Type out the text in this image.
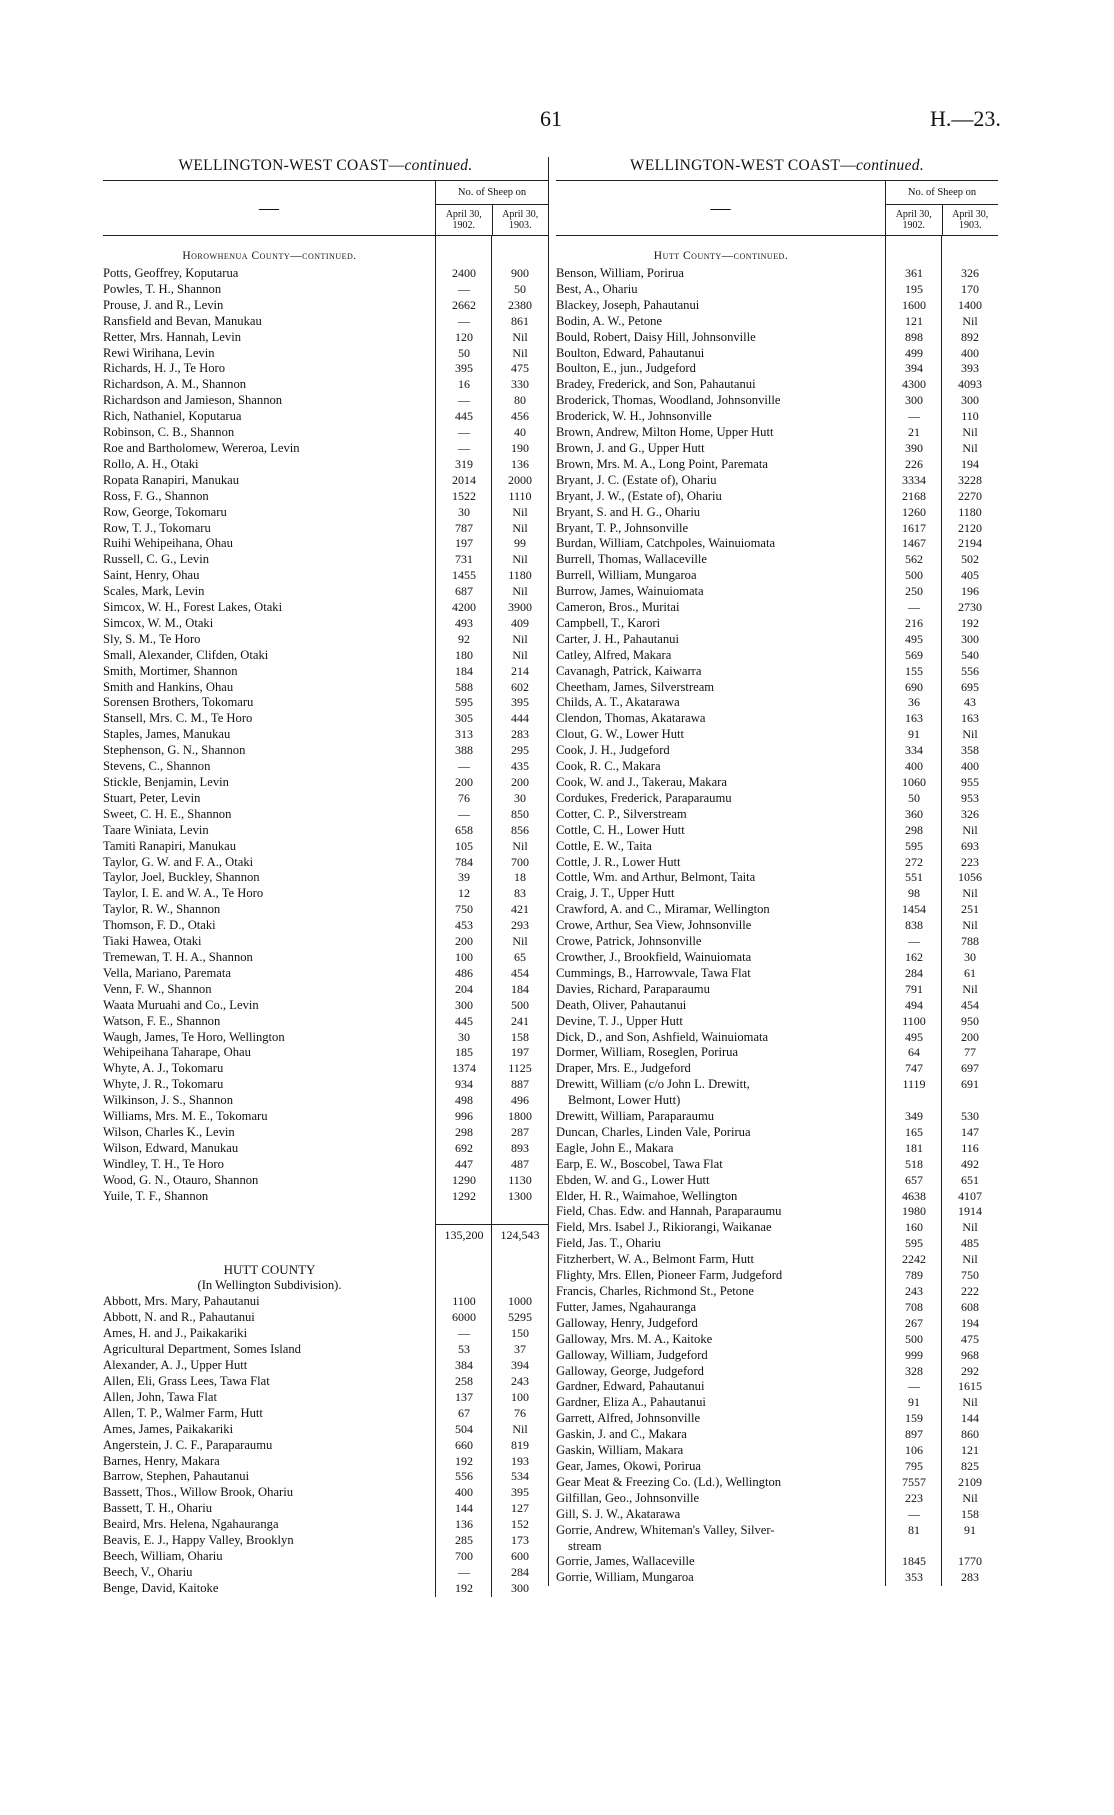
61	H.—23.
WELLINGTON-WEST COAST—continued.
—
No. of Sheep on
April 30, 1902.
April 30, 1903.
Horowhenua County—continued.
Potts, Geoffrey, Koputarua	2400	900
Powles, T. H., Shannon	—	50
Prouse, J. and R., Levin	2662	2380
Ransfield and Bevan, Manukau	—	861
Retter, Mrs. Hannah, Levin	120	Nil
Rewi Wirihana, Levin	50	Nil
Richards, H. J., Te Horo	395	475
Richardson, A. M., Shannon	16	330
Richardson and Jamieson, Shannon	—	80
Rich, Nathaniel, Koputarua	445	456
Robinson, C. B., Shannon	—	40
Roe and Bartholomew, Wereroa, Levin	—	190
Rollo, A. H., Otaki	319	136
Ropata Ranapiri, Manukau	2014	2000
Ross, F. G., Shannon	1522	1110
Row, George, Tokomaru	30	Nil
Row, T. J., Tokomaru	787	Nil
Ruihi Wehipeihana, Ohau	197	99
Russell, C. G., Levin	731	Nil
Saint, Henry, Ohau	1455	1180
Scales, Mark, Levin	687	Nil
Simcox, W. H., Forest Lakes, Otaki	4200	3900
Simcox, W. M., Otaki	493	409
Sly, S. M., Te Horo	92	Nil
Small, Alexander, Clifden, Otaki	180	Nil
Smith, Mortimer, Shannon	184	214
Smith and Hankins, Ohau	588	602
Sorensen Brothers, Tokomaru	595	395
Stansell, Mrs. C. M., Te Horo	305	444
Staples, James, Manukau	313	283
Stephenson, G. N., Shannon	388	295
Stevens, C., Shannon	—	435
Stickle, Benjamin, Levin	200	200
Stuart, Peter, Levin	76	30
Sweet, C. H. E., Shannon	—	850
Taare Winiata, Levin	658	856
Tamiti Ranapiri, Manukau	105	Nil
Taylor, G. W. and F. A., Otaki	784	700
Taylor, Joel, Buckley, Shannon	39	18
Taylor, I. E. and W. A., Te Horo	12	83
Taylor, R. W., Shannon	750	421
Thomson, F. D., Otaki	453	293
Tiaki Hawea, Otaki	200	Nil
Tremewan, T. H. A., Shannon	100	65
Vella, Mariano, Paremata	486	454
Venn, F. W., Shannon	204	184
Waata Muruahi and Co., Levin	300	500
Watson, F. E., Shannon	445	241
Waugh, James, Te Horo, Wellington	30	158
Wehipeihana Taharape, Ohau	185	197
Whyte, A. J., Tokomaru	1374	1125
Whyte, J. R., Tokomaru	934	887
Wilkinson, J. S., Shannon	498	496
Williams, Mrs. M. E., Tokomaru	996	1800
Wilson, Charles K., Levin	298	287
Wilson, Edward, Manukau	692	893
Windley, T. H., Te Horo	447	487
Wood, G. N., Otauro, Shannon	1290	1130
Yuile, T. F., Shannon	1292	1300
135,200	124,543
HUTT COUNTY
(In Wellington Subdivision).
Abbott, Mrs. Mary, Pahautanui	1100	1000
Abbott, N. and R., Pahautanui	6000	5295
Ames, H. and J., Paikakariki	—	150
Agricultural Department, Somes Island	53	37
Alexander, A. J., Upper Hutt	384	394
Allen, Eli, Grass Lees, Tawa Flat	258	243
Allen, John, Tawa Flat	137	100
Allen, T. P., Walmer Farm, Hutt	67	76
Ames, James, Paikakariki	504	Nil
Angerstein, J. C. F., Paraparaumu	660	819
Barnes, Henry, Makara	192	193
Barrow, Stephen, Pahautanui	556	534
Bassett, Thos., Willow Brook, Ohariu	400	395
Bassett, T. H., Ohariu	144	127
Beaird, Mrs. Helena, Ngahauranga	136	152
Beavis, E. J., Happy Valley, Brooklyn	285	173
Beech, William, Ohariu	700	600
Beech, V., Ohariu	—	284
Benge, David, Kaitoke	192	300
WELLINGTON-WEST COAST—continued.
—
No. of Sheep on
April 30, 1902.
April 30, 1903.
Hutt County—continued.
Benson, William, Porirua	361	326
Best, A., Ohariu	195	170
Blackey, Joseph, Pahautanui	1600	1400
Bodin, A. W., Petone	121	Nil
Bould, Robert, Daisy Hill, Johnsonville	898	892
Boulton, Edward, Pahautanui	499	400
Boulton, E., jun., Judgeford	394	393
Bradey, Frederick, and Son, Pahautanui	4300	4093
Broderick, Thomas, Woodland, Johnsonville	300	300
Broderick, W. H., Johnsonville	—	110
Brown, Andrew, Milton Home, Upper Hutt	21	Nil
Brown, J. and G., Upper Hutt	390	Nil
Brown, Mrs. M. A., Long Point, Paremata	226	194
Bryant, J. C. (Estate of), Ohariu	3334	3228
Bryant, J. W., (Estate of), Ohariu	2168	2270
Bryant, S. and H. G., Ohariu	1260	1180
Bryant, T. P., Johnsonville	1617	2120
Burdan, William, Catchpoles, Wainuiomata	1467	2194
Burrell, Thomas, Wallaceville	562	502
Burrell, William, Mungaroa	500	405
Burrow, James, Wainuiomata	250	196
Cameron, Bros., Muritai	—	2730
Campbell, T., Karori	216	192
Carter, J. H., Pahautanui	495	300
Catley, Alfred, Makara	569	540
Cavanagh, Patrick, Kaiwarra	155	556
Cheetham, James, Silverstream	690	695
Childs, A. T., Akatarawa	36	43
Clendon, Thomas, Akatarawa	163	163
Clout, G. W., Lower Hutt	91	Nil
Cook, J. H., Judgeford	334	358
Cook, R. C., Makara	400	400
Cook, W. and J., Takerau, Makara	1060	955
Cordukes, Frederick, Paraparaumu	50	953
Cotter, C. P., Silverstream	360	326
Cottle, C. H., Lower Hutt	298	Nil
Cottle, E. W., Taita	595	693
Cottle, J. R., Lower Hutt	272	223
Cottle, Wm. and Arthur, Belmont, Taita	551	1056
Craig, J. T., Upper Hutt	98	Nil
Crawford, A. and C., Miramar, Wellington	1454	251
Crowe, Arthur, Sea View, Johnsonville	838	Nil
Crowe, Patrick, Johnsonville	—	788
Crowther, J., Brookfield, Wainuiomata	162	30
Cummings, B., Harrowvale, Tawa Flat	284	61
Davies, Richard, Paraparaumu	791	Nil
Death, Oliver, Pahautanui	494	454
Devine, T. J., Upper Hutt	1100	950
Dick, D., and Son, Ashfield, Wainuiomata	495	200
Dormer, William, Roseglen, Porirua	64	77
Draper, Mrs. E., Judgeford	747	697
Drewitt, William (c/o John L. Drewitt,	1119	691
Belmont, Lower Hutt)
Drewitt, William, Paraparaumu	349	530
Duncan, Charles, Linden Vale, Porirua	165	147
Eagle, John E., Makara	181	116
Earp, E. W., Boscobel, Tawa Flat	518	492
Ebden, W. and G., Lower Hutt	657	651
Elder, H. R., Waimahoe, Wellington	4638	4107
Field, Chas. Edw. and Hannah, Paraparaumu	1980	1914
Field, Mrs. Isabel J., Rikiorangi, Waikanae	160	Nil
Field, Jas. T., Ohariu	595	485
Fitzherbert, W. A., Belmont Farm, Hutt	2242	Nil
Flighty, Mrs. Ellen, Pioneer Farm, Judgeford	789	750
Francis, Charles, Richmond St., Petone	243	222
Futter, James, Ngahauranga	708	608
Galloway, Henry, Judgeford	267	194
Galloway, Mrs. M. A., Kaitoke	500	475
Galloway, William, Judgeford	999	968
Galloway, George, Judgeford	328	292
Gardner, Edward, Pahautanui	—	1615
Gardner, Eliza A., Pahautanui	91	Nil
Garrett, Alfred, Johnsonville	159	144
Gaskin, J. and C., Makara	897	860
Gaskin, William, Makara	106	121
Gear, James, Okowi, Porirua	795	825
Gear Meat & Freezing Co. (Ld.), Wellington	7557	2109
Gilfillan, Geo., Johnsonville	223	Nil
Gill, S. J. W., Akatarawa	—	158
Gorrie, Andrew, Whiteman's Valley, Silver-	81	91
stream
Gorrie, James, Wallaceville	1845	1770
Gorrie, William, Mungaroa	353	283
